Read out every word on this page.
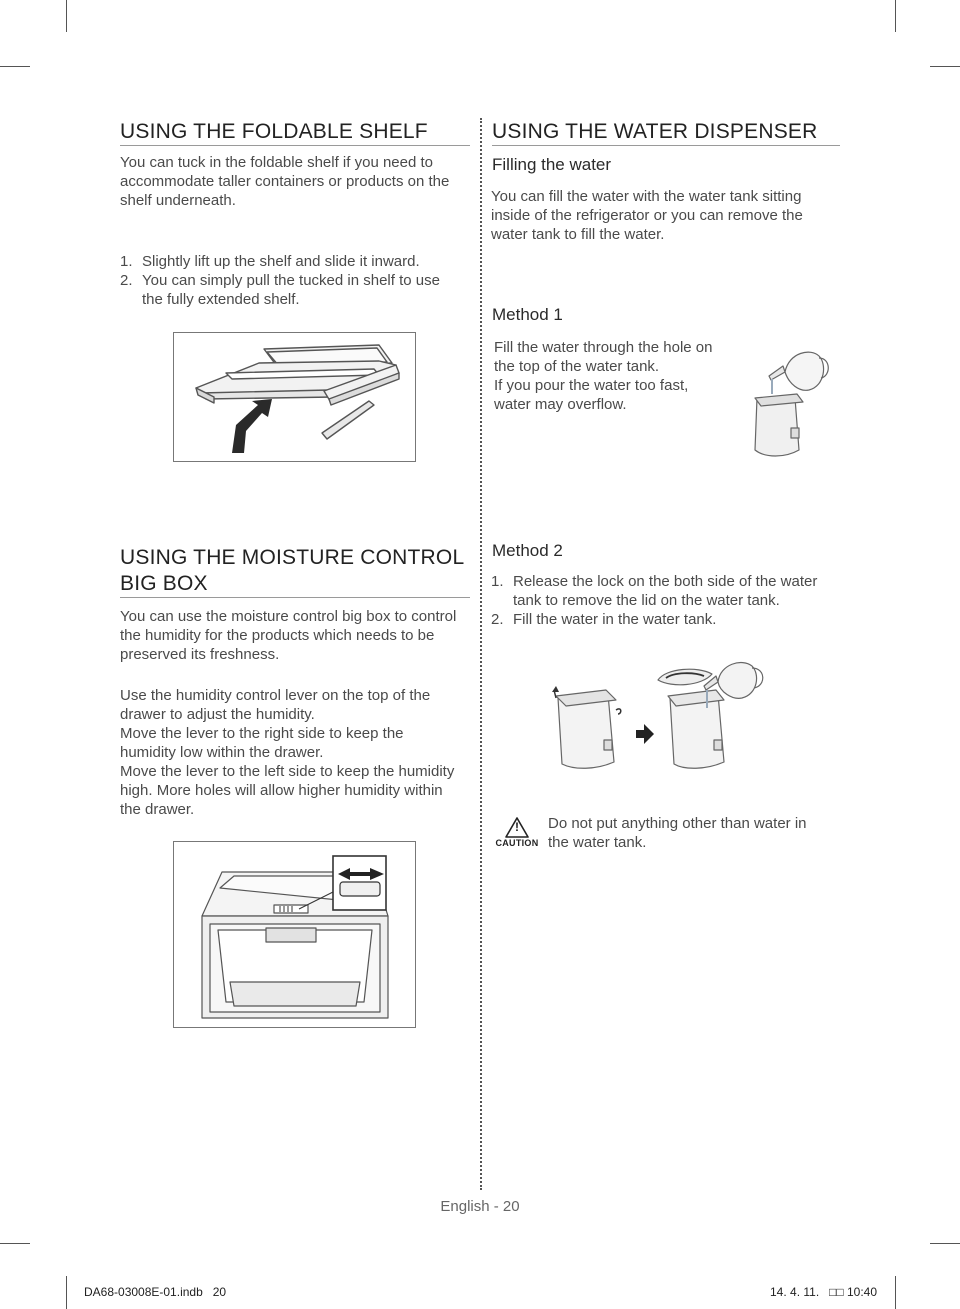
USING THE FOLDABLE SHELF
You can tuck in the foldable shelf if you need to
accommodate taller containers or products on the
shelf underneath.
1. Slightly lift up the shelf and slide it inward.
2. You can simply pull the tucked in shelf to use
the fully extended shelf.
USING THE MOISTURE CONTROL
BIG BOX
You can use the moisture control big box to control
the humidity for the products which needs to be
preserved its freshness.
Use the humidity control lever on the top of the
drawer to adjust the humidity.
Move the lever to the right side to keep the
humidity low within the drawer.
Move the lever to the left side to keep the humidity
high. More holes will allow higher humidity within
the drawer.
USING THE WATER DISPENSER
Filling the water
You can fill the water with the water tank sitting
inside of the refrigerator or you can remove the
water tank to fill the water.
Method 1
Fill the water through the hole on
the top of the water tank.
If you pour the water too fast,
water may overflow.
Method 2
1. Release the lock on the both side of the water
tank to remove the lid on the water tank.
2. Fill the water in the water tank.
!
CAUTION
Do not put anything other than water in
the water tank.
English - 20
DA68-03008E-01.indb   20	14. 4. 11.   □□ 10:40
